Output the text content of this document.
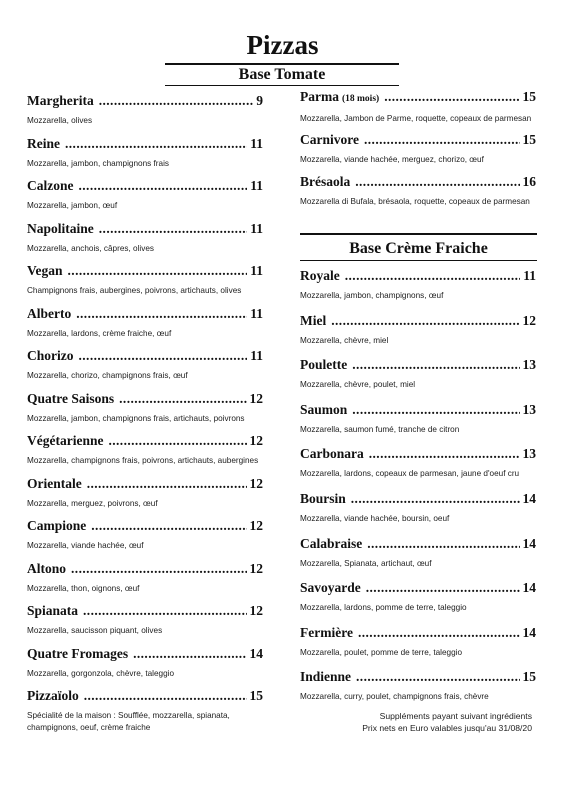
Pizzas
Base Tomate
Base Crème Fraiche
Margherita .....	9
Mozzarella, olives
Reine .....	11
Mozzarella, jambon, champignons frais
Calzone .....	11
Mozzarella, jambon, œuf
Napolitaine .....	11
Mozzarella, anchois, câpres, olives
Vegan .....	11
Champignons frais, aubergines, poivrons, artichauts, olives
Alberto .....	11
Mozzarella, lardons, crème fraiche, œuf
Chorizo .....	11
Mozzarella, chorizo, champignons frais, œuf
Quatre Saisons .....	12
Mozzarella, jambon, champignons frais, artichauts, poivrons
Végétarienne .....	12
Mozzarella, champignons frais, poivrons, artichauts, aubergines
Orientale .....	12
Mozzarella, merguez, poivrons, œuf
Campione .....	12
Mozzarella, viande hachée, œuf
Altono .....	12
Mozzarella, thon, oignons, œuf
Spianata .....	12
Mozzarella, saucisson piquant, olives
Quatre Fromages .....	14
Mozzarella, gorgonzola, chèvre, taleggio
Pizzaïolo .....	15
Spécialité de la maison : Soufflée, mozzarella, spianata,
champignons, oeuf, crème fraiche
Parma (18 mois) .....	15
Mozzarella, Jambon de Parme, roquette, copeaux de parmesan
Carnivore .....	15
Mozzarella, viande hachée, merguez, chorizo, œuf
Brésaola .....	16
Mozzarella di Bufala, brésaola, roquette, copeaux de parmesan
Royale .....	11
Mozzarella, jambon, champignons, œuf
Miel .....	12
Mozzarella, chèvre, miel
Poulette .....	13
Mozzarella, chèvre, poulet, miel
Saumon .....	13
Mozzarella, saumon fumé, tranche de citron
Carbonara .....	13
Mozzarella, lardons, copeaux de parmesan, jaune d'oeuf cru
Boursin .....	14
Mozzarella, viande hachée, boursin, oeuf
Calabraise .....	14
Mozzarella, Spianata, artichaut, œuf
Savoyarde .....	14
Mozzarella, lardons, pomme de terre, taleggio
Fermière .....	14
Mozzarella, poulet, pomme de terre, taleggio
Indienne .....	15
Mozzarella, curry, poulet, champignons frais, chèvre
Suppléments payant suivant ingrédients
Prix nets en Euro valables jusqu'au 31/08/20
